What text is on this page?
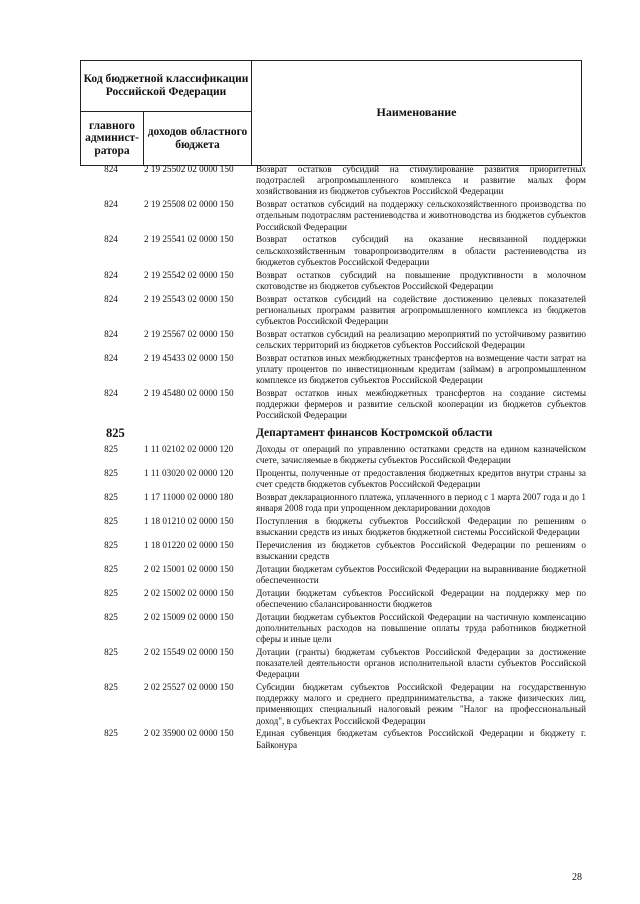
Код бюджетной классификации Российской Федерации
Наименование
главного админист-ратора
доходов областного бюджета
824	2 19 25502 02 0000 150	Возврат остатков субсидий на стимулирование развития приоритетных подотраслей агропромышленного комплекса и развитие малых форм хозяйствования из бюджетов субъектов Российской Федерации
824	2 19 25508 02 0000 150	Возврат остатков субсидий на поддержку сельскохозяйственного производства по отдельным подотраслям растениеводства и животноводства из бюджетов субъектов Российской Федерации
824	2 19 25541 02 0000 150	Возврат остатков субсидий на оказание несвязанной поддержки сельскохозяйственным товаропроизводителям в области растениеводства из бюджетов субъектов Российской Федерации
824	2 19 25542 02 0000 150	Возврат остатков субсидий на повышение продуктивности в молочном скотоводстве из бюджетов субъектов Российской Федерации
824	2 19 25543 02 0000 150	Возврат остатков субсидий на содействие достижению целевых показателей региональных программ развития агропромышленного комплекса из бюджетов субъектов Российской Федерации
824	2 19 25567 02 0000 150	Возврат остатков субсидий на реализацию мероприятий по устойчивому развитию сельских территорий из бюджетов субъектов Российской Федерации
824	2 19 45433 02 0000 150	Возврат остатков иных межбюджетных трансфертов на возмещение части затрат на уплату процентов по инвестиционным кредитам (займам) в агропромышленном комплексе из бюджетов субъектов Российской Федерации
824	2 19 45480 02 0000 150	Возврат остатков иных межбюджетных трансфертов на создание системы поддержки фермеров и развитие сельской кооперации из бюджетов субъектов Российской Федерации
825	Департамент финансов Костромской области
825	1 11 02102 02 0000 120	Доходы от операций по управлению остатками средств на едином казначейском счете, зачисляемые в бюджеты субъектов Российской Федерации
825	1 11 03020 02 0000 120	Проценты, полученные от предоставления бюджетных кредитов внутри страны за счет средств бюджетов субъектов Российской Федерации
825	1 17 11000 02 0000 180	Возврат декларационного платежа, уплаченного в период с 1 марта 2007 года и до 1 января 2008 года при упрощенном декларировании доходов
825	1 18 01210 02 0000 150	Поступления в бюджеты субъектов Российской Федерации по решениям о взыскании средств из иных бюджетов бюджетной системы Российской Федерации
825	1 18 01220 02 0000 150	Перечисления из бюджетов субъектов Российской Федерации по решениям о взыскании средств
825	2 02 15001 02 0000 150	Дотации бюджетам субъектов Российской Федерации на выравнивание бюджетной обеспеченности
825	2 02 15002 02 0000 150	Дотации бюджетам субъектов Российской Федерации на поддержку мер по обеспечению сбалансированности бюджетов
825	2 02 15009 02 0000 150	Дотации бюджетам субъектов Российской Федерации на частичную компенсацию дополнительных расходов на повышение оплаты труда работников бюджетной сферы и иные цели
825	2 02 15549 02 0000 150	Дотации (гранты) бюджетам субъектов Российской Федерации за достижение показателей деятельности органов исполнительной власти субъектов Российской Федерации
825	2 02 25527 02 0000 150	Субсидии бюджетам субъектов Российской Федерации на государственную поддержку малого и среднего предпринимательства, а также физических лиц, применяющих специальный налоговый режим "Налог на профессиональный доход", в субъектах Российской Федерации
825	2 02 35900 02 0000 150	Единая субвенция бюджетам субъектов Российской Федерации и бюджету г. Байконура
28
